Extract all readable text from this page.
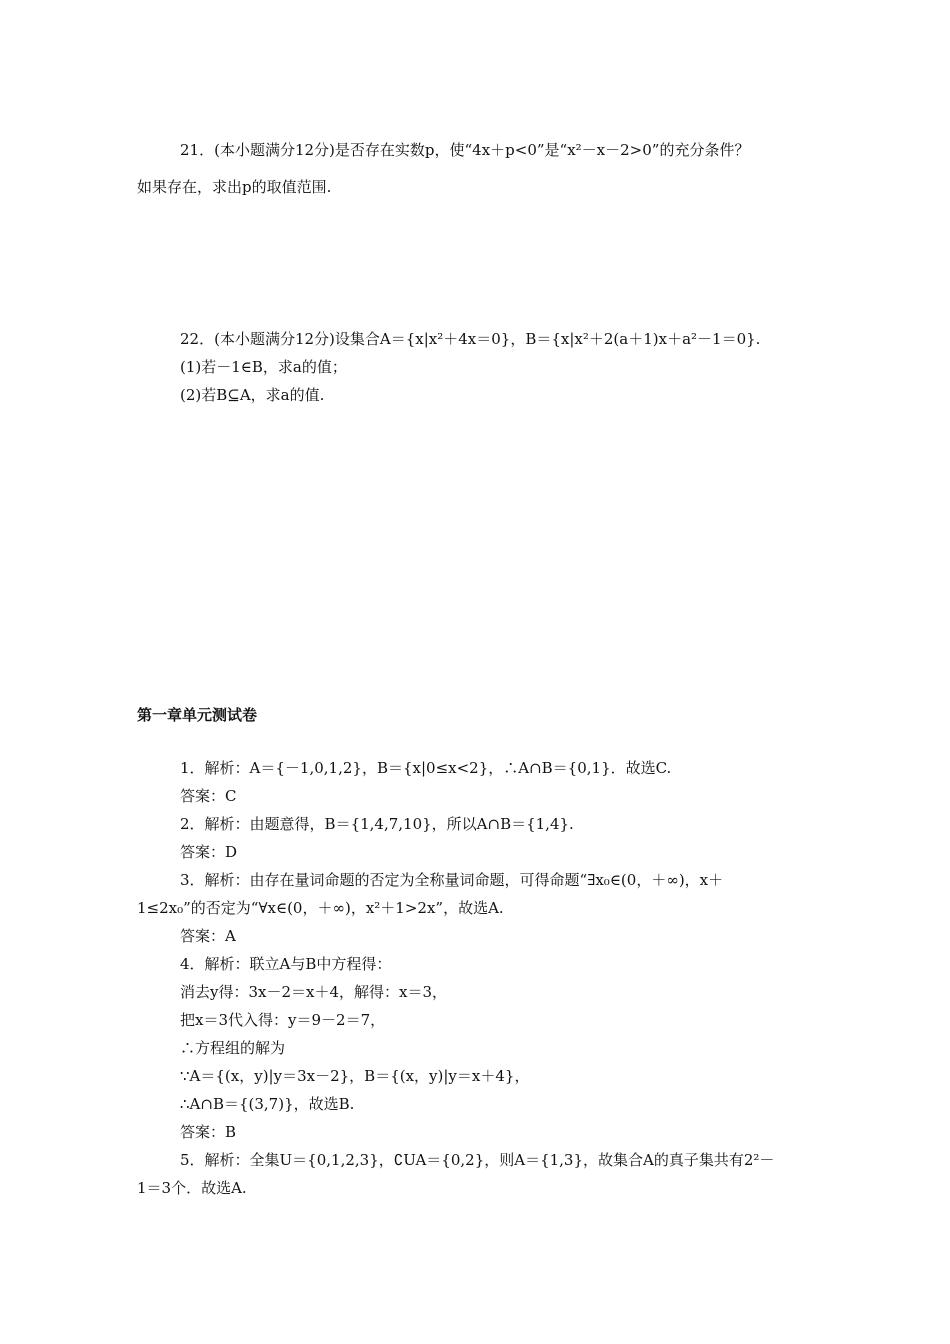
21．(本小题满分12分)是否存在实数p，使“4x＋p<0”是“x²－x－2>0”的充分条件？
如果存在，求出p的取值范围.
22．(本小题满分12分)设集合A＝{x|x²＋4x＝0}，B＝{x|x²＋2(a＋1)x＋a²－1＝0}.
(1)若－1∈B，求a的值；
(2)若B⊆A，求a的值.
第一章单元测试卷
1．解析：A＝{－1,0,1,2}，B＝{x|0≤x<2}，∴A∩B＝{0,1}．故选C.
答案：C
2．解析：由题意得，B＝{1,4,7,10}，所以A∩B＝{1,4}.
答案：D
3．解析：由存在量词命题的否定为全称量词命题，可得命题“∃x₀∈(0，＋∞)，x＋
1≤2x₀”的否定为“∀x∈(0，＋∞)，x²＋1>2x”，故选A.
答案：A
4．解析：联立A与B中方程得：
消去y得：3x－2＝x＋4，解得：x＝3，
把x＝3代入得：y＝9－2＝7，
∴方程组的解为
∵A＝{(x，y)|y＝3x－2}，B＝{(x，y)|y＝x＋4}，
∴A∩B＝{(3,7)}，故选B.
答案：B
5．解析：全集U＝{0,1,2,3}，∁UA＝{0,2}，则A＝{1,3}，故集合A的真子集共有2²－
1＝3个．故选A.
